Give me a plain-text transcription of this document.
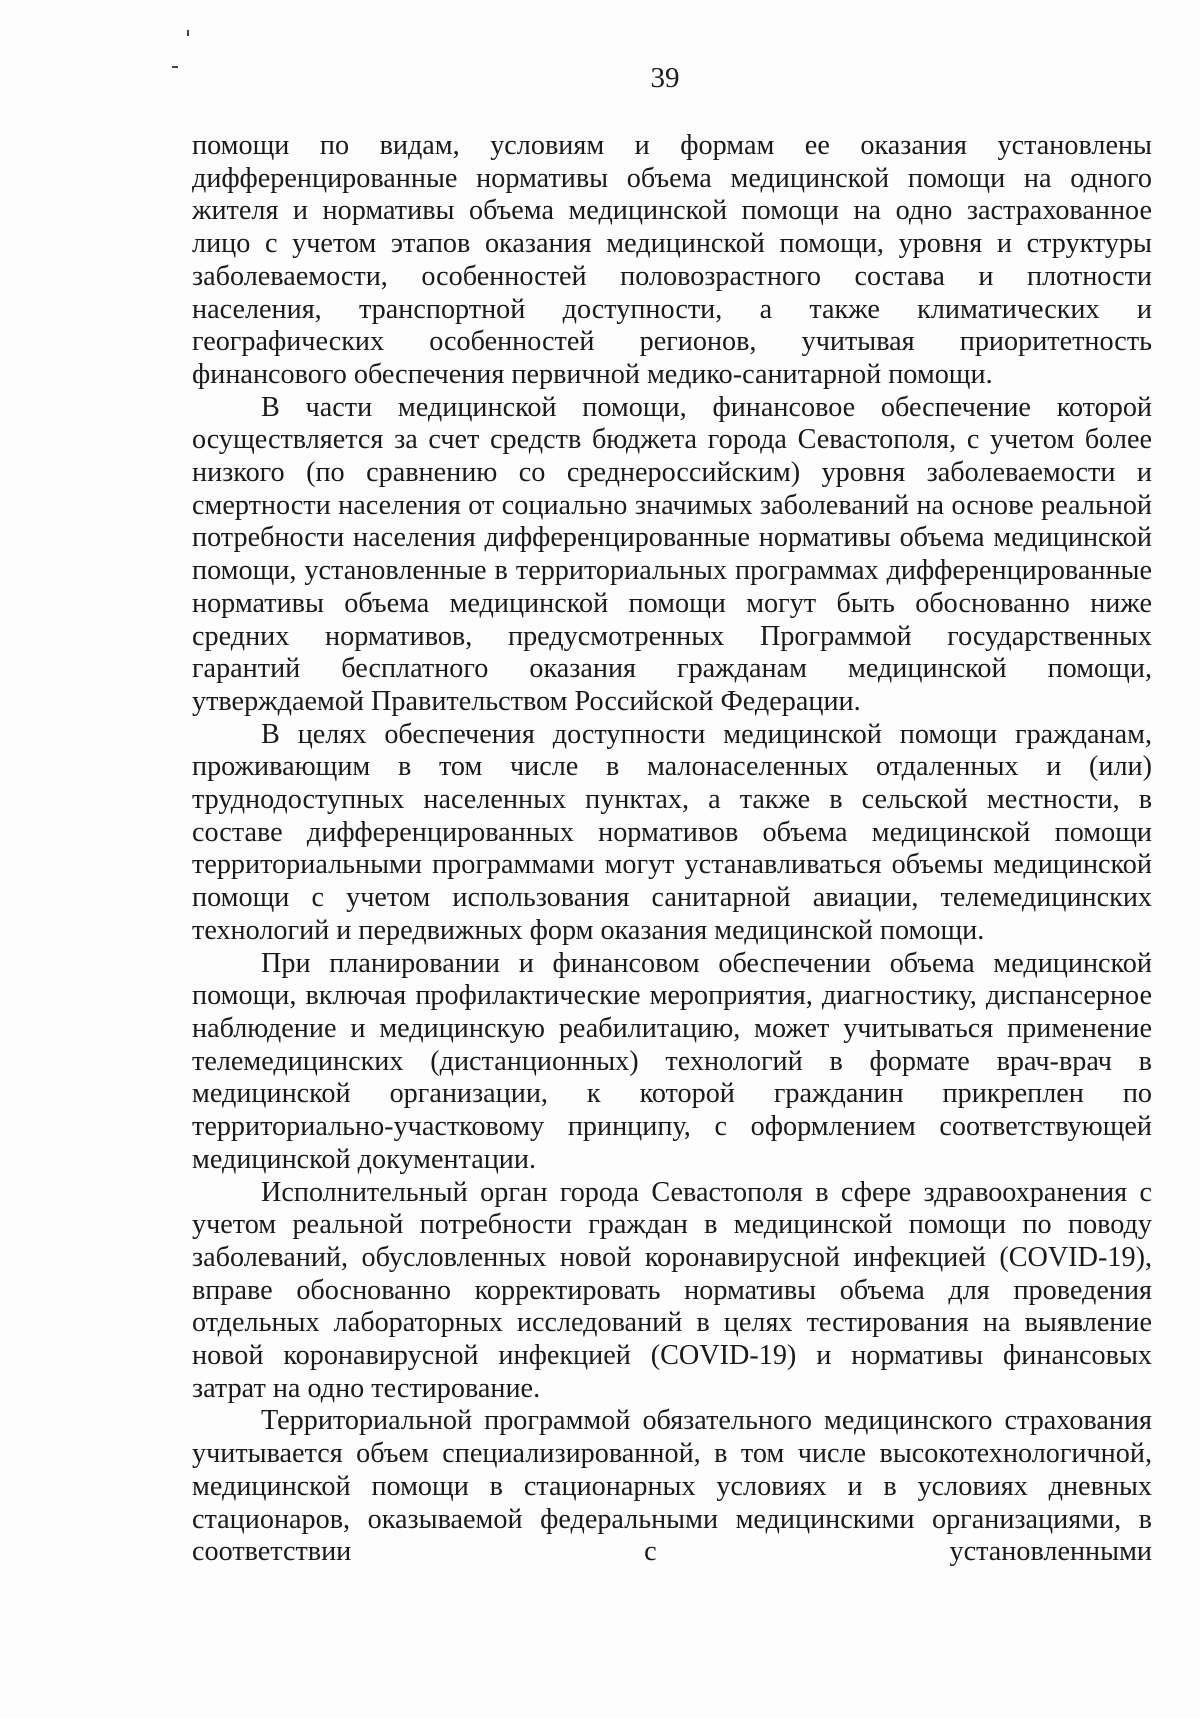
39

помощи по видам, условиям и формам ее оказания установлены дифференцированные нормативы объема медицинской помощи на одного жителя и нормативы объема медицинской помощи на одно застрахованное лицо с учетом этапов оказания медицинской помощи, уровня и структуры заболеваемости, особенностей половозрастного состава и плотности населения, транспортной доступности, а также климатических и географических особенностей регионов, учитывая приоритетность финансового обеспечения первичной медико-санитарной помощи.

В части медицинской помощи, финансовое обеспечение которой осуществляется за счет средств бюджета города Севастополя, с учетом более низкого (по сравнению со среднероссийским) уровня заболеваемости и смертности населения от социально значимых заболеваний на основе реальной потребности населения дифференцированные нормативы объема медицинской помощи, установленные в территориальных программах дифференцированные нормативы объема медицинской помощи могут быть обоснованно ниже средних нормативов, предусмотренных Программой государственных гарантий бесплатного оказания гражданам медицинской помощи, утверждаемой Правительством Российской Федерации.

В целях обеспечения доступности медицинской помощи гражданам, проживающим в том числе в малонаселенных отдаленных и (или) труднодоступных населенных пунктах, а также в сельской местности, в составе дифференцированных нормативов объема медицинской помощи территориальными программами могут устанавливаться объемы медицинской помощи с учетом использования санитарной авиации, телемедицинских технологий и передвижных форм оказания медицинской помощи.

При планировании и финансовом обеспечении объема медицинской помощи, включая профилактические мероприятия, диагностику, диспансерное наблюдение и медицинскую реабилитацию, может учитываться применение телемедицинских (дистанционных) технологий в формате врач-врач в медицинской организации, к которой гражданин прикреплен по территориально-участковому принципу, с оформлением соответствующей медицинской документации.

Исполнительный орган города Севастополя в сфере здравоохранения с учетом реальной потребности граждан в медицинской помощи по поводу заболеваний, обусловленных новой коронавирусной инфекцией (COVID-19), вправе обоснованно корректировать нормативы объема для проведения отдельных лабораторных исследований в целях тестирования на выявление новой коронавирусной инфекцией (COVID-19) и нормативы финансовых затрат на одно тестирование.

Территориальной программой обязательного медицинского страхования учитывается объем специализированной, в том числе высокотехнологичной, медицинской помощи в стационарных условиях и в условиях дневных стационаров, оказываемой федеральными медицинскими организациями, в соответствии с установленными
